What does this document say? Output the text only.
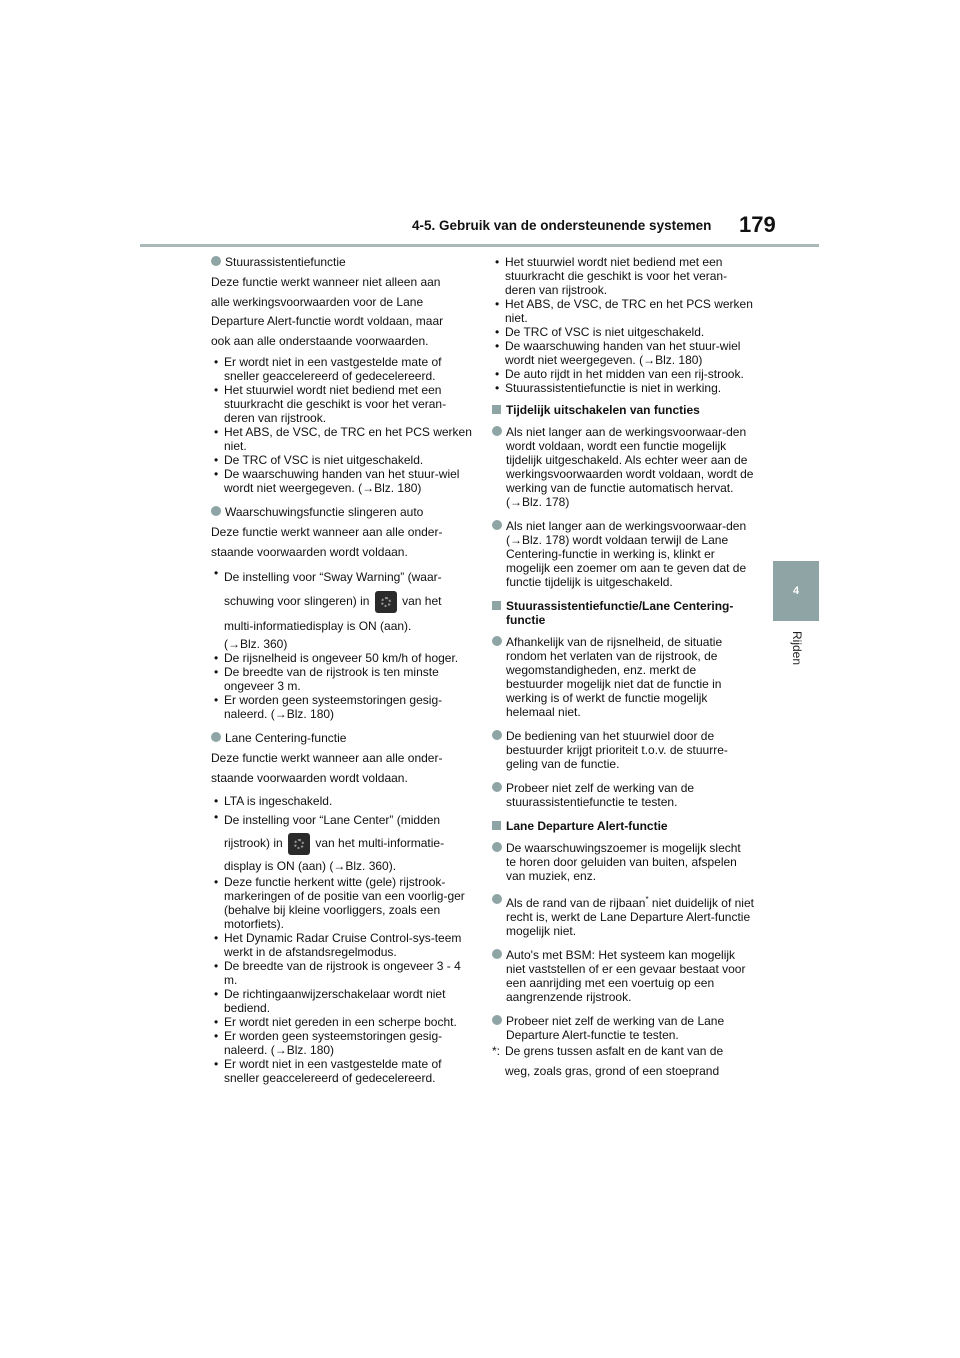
4-5. Gebruik van de ondersteunende systemen 179
4
Rijden
Stuurassistentiefunctie

Deze functie werkt wanneer niet alleen aan

alle werkingsvoorwaarden voor de Lane

Departure Alert-functie wordt voldaan, maar

ook aan alle onderstaande voorwaarden.

• Er wordt niet in een vastgestelde mate of sneller geaccelereerd of gedecelereerd.

• Het stuurwiel wordt niet bediend met een stuurkracht die geschikt is voor het veran-deren van rijstrook.

• Het ABS, de VSC, de TRC en het PCS werken niet.

• De TRC of VSC is niet uitgeschakeld.

• De waarschuwing handen van het stuur-wiel wordt niet weergegeven. (→Blz. 180)

Waarschuwingsfunctie slingeren auto

Deze functie werkt wanneer aan alle onder-

staande voorwaarden wordt voldaan.

• De instelling voor “Sway Warning” (waar-
schuwing voor slingeren) in	van het
multi-informatiedisplay is ON (aan).
(→Blz. 360)

• De rijsnelheid is ongeveer 50 km/h of hoger.

• De breedte van de rijstrook is ten minste ongeveer 3 m.

• Er worden geen systeemstoringen gesig-naleerd. (→Blz. 180)

Lane Centering-functie

Deze functie werkt wanneer aan alle onder-

staande voorwaarden wordt voldaan.

• LTA is ingeschakeld.

• De instelling voor “Lane Center” (midden
rijstrook) in	van het multi-informatie-
display is ON (aan) (→Blz. 360).

• Deze functie herkent witte (gele) rijstrook-markeringen of de positie van een voorlig-ger (behalve bij kleine voorliggers, zoals een motorfiets).

• Het Dynamic Radar Cruise Control-sys-teem werkt in de afstandsregelmodus.

• De breedte van de rijstrook is ongeveer 3 - 4 m.

• De richtingaanwijzerschakelaar wordt niet bediend.

• Er wordt niet gereden in een scherpe bocht.

• Er worden geen systeemstoringen gesig-naleerd. (→Blz. 180)

• Er wordt niet in een vastgestelde mate of sneller geaccelereerd of gedecelereerd.

• Het stuurwiel wordt niet bediend met een stuurkracht die geschikt is voor het veran-deren van rijstrook.

• Het ABS, de VSC, de TRC en het PCS werken niet.

• De TRC of VSC is niet uitgeschakeld.

• De waarschuwing handen van het stuur-wiel wordt niet weergegeven. (→Blz. 180)

• De auto rijdt in het midden van een rij-strook.

• Stuurassistentiefunctie is niet in werking.

Tijdelijk uitschakelen van functies
Als niet langer aan de werkingsvoorwaar-den wordt voldaan, wordt een functie mogelijk tijdelijk uitgeschakeld. Als echter weer aan de werkingsvoorwaarden wordt voldaan, wordt de werking van de functie automatisch hervat. (→Blz. 178)
Als niet langer aan de werkingsvoorwaar-den (→Blz. 178) wordt voldaan terwijl de Lane Centering-functie in werking is, klinkt er mogelijk een zoemer om aan te geven dat de functie tijdelijk is uitgeschakeld.
Stuurassistentiefunctie/Lane Centering-functie
Afhankelijk van de rijsnelheid, de situatie rondom het verlaten van de rijstrook, de wegomstandigheden, enz. merkt de bestuurder mogelijk niet dat de functie in werking is of werkt de functie mogelijk helemaal niet.
De bediening van het stuurwiel door de bestuurder krijgt prioriteit t.o.v. de stuurre-geling van de functie.
Probeer niet zelf de werking van de stuurassistentiefunctie te testen.
Lane Departure Alert-functie
De waarschuwingszoemer is mogelijk slecht te horen door geluiden van buiten, afspelen van muziek, enz.
Als de rand van de rijbaan* niet duidelijk of niet recht is, werkt de Lane Departure Alert-functie mogelijk niet.
Auto's met BSM: Het systeem kan mogelijk niet vaststellen of er een gevaar bestaat voor een aanrijding met een voertuig op een aangrenzende rijstrook.
Probeer niet zelf de werking van de Lane Departure Alert-functie te testen.
*: De grens tussen asfalt en de kant van de
weg, zoals gras, grond of een stoeprand
